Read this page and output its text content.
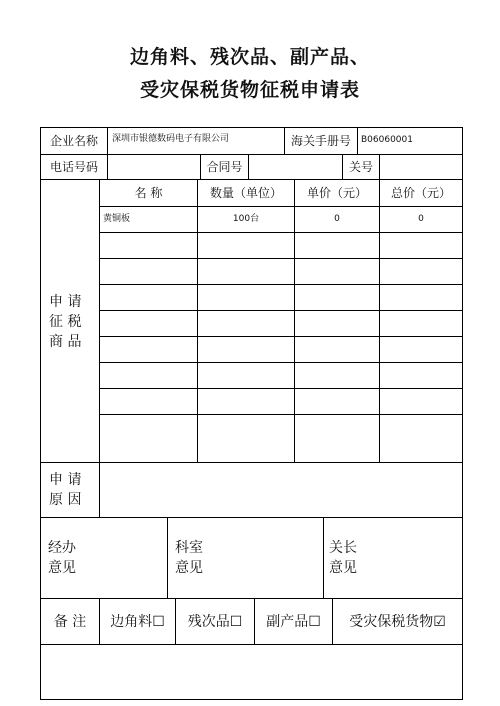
边角料、残次品、副产品、
受灾保税货物征税申请表
企业名称	深圳市银德数码电子有限公司	海关手册号	B06060001
电话号码	合同号	关号
申 请
征 税
商 品
名 称	数量（单位）	单价（元）	总价（元）
黄铜板	100台	0	0
申 请
原 因
经办
意见
科室
意见
关长
意见
备 注	边角料 ☐ 残次品 ☐ 副产品 ☐ 受灾保税货物 ☑
